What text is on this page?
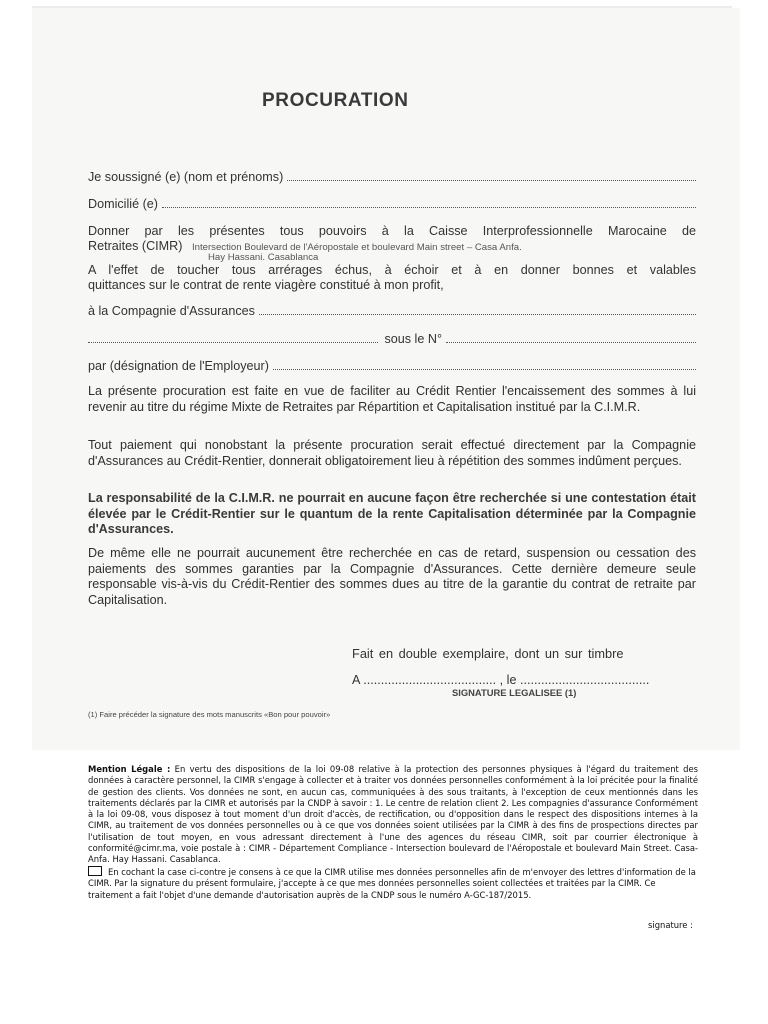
PROCURATION
Je soussigné (e) (nom et prénoms)
Domicilié (e)
Donner par les présentes tous pouvoirs à la Caisse Interprofessionnelle Marocaine de
Retraites (CIMR) Intersection Boulevard de l'Aéropostale et boulevard Main street – Casa Anfa.
Hay Hassani. Casablanca
A l'effet de toucher tous arrérages échus, à échoir et à en donner bonnes et valables
quittances sur le contrat de rente viagère constitué à mon profit,
à la Compagnie d'Assurances
sous le N°
par (désignation de l'Employeur)
La présente procuration est faite en vue de faciliter au Crédit Rentier l'encaissement des sommes à lui revenir au titre du régime Mixte de Retraites par Répartition et Capitalisation institué par la C.I.M.R.
Tout paiement qui nonobstant la présente procuration serait effectué directement par la Compagnie d'Assurances au Crédit-Rentier, donnerait obligatoirement lieu à répétition des sommes indûment perçues.
La responsabilité de la C.I.M.R. ne pourrait en aucune façon être recherchée si une contestation était élevée par le Crédit-Rentier sur le quantum de la rente Capitalisation déterminée par la Compagnie d'Assurances.
De même elle ne pourrait aucunement être recherchée en cas de retard, suspension ou cessation des paiements des sommes garanties par la Compagnie d'Assurances. Cette dernière demeure seule responsable vis-à-vis du Crédit-Rentier des sommes dues au titre de la garantie du contrat de retraite par Capitalisation.
Fait en double exemplaire, dont un sur timbre
A ...................................... , le .....................................
SIGNATURE LEGALISEE (1)
(1) Faire précéder la signature des mots manuscrits «Bon pour pouvoir»
Mention Légale : En vertu des dispositions de la loi 09-08 relative à la protection des personnes physiques à l'égard du traitement des données à caractère personnel, la CIMR s'engage à collecter et à traiter vos données personnelles conformément à la loi précitée pour la finalité de gestion des clients. Vos données ne sont, en aucun cas, communiquées à des sous traitants, à l'exception de ceux mentionnés dans les traitements déclarés par la CIMR et autorisés par la CNDP à savoir : 1. Le centre de relation client 2. Les compagnies d'assurance Conformément à la loi 09-08, vous disposez à tout moment d'un droit d'accès, de rectification, ou d'opposition dans le respect des dispositions internes à la CIMR, au traitement de vos données personnelles ou à ce que vos données soient utilisées par la CIMR à des fins de prospections directes par l'utilisation de tout moyen, en vous adressant directement à l'une des agences du réseau CIMR, soit par courrier électronique à conformité@cimr.ma, voie postale à : CIMR - Département Compliance - Intersection boulevard de l'Aéropostale et boulevard Main Street. Casa-Anfa. Hay Hassani. Casablanca.
En cochant la case ci-contre je consens à ce que la CIMR utilise mes données personnelles afin de m'envoyer des lettres d'information de la CIMR. Par la signature du présent formulaire, j'accepte à ce que mes données personnelles soient collectées et traitées par la CIMR. Ce traitement a fait l'objet d'une demande d'autorisation auprès de la CNDP sous le numéro A-GC-187/2015.
signature :
